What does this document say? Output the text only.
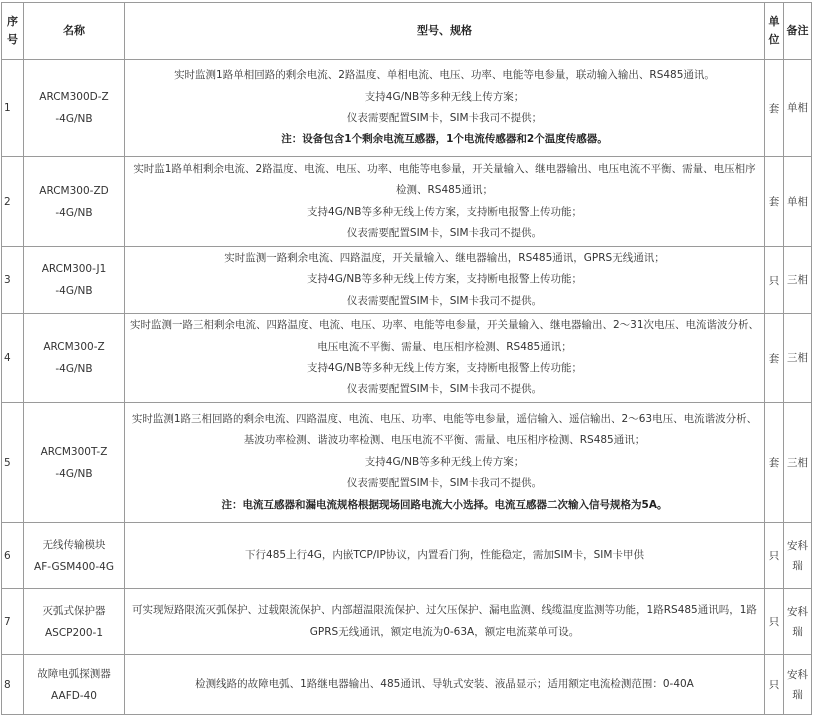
序
号	名称	型号、规格	单
位	备注
1	ARCM300D-Z
-4G/NB	实时监测1路单相回路的剩余电流、2路温度、单相电流、电压、功率、电能等电参量，联动输入输出、RS485通讯。
支持4G/NB等多种无线上传方案；
仪表需要配置SIM卡，SIM卡我司不提供；
注：设备包含1个剩余电流互感器，1个电流传感器和2个温度传感器。	套	单相

2	ARCM300-ZD
-4G/NB	实时监1路单相剩余电流、2路温度、电流、电压、功率、电能等电参量，开关量输入、继电器输出、电压电流不平衡、需量、电压相序
检测、RS485通讯；
支持4G/NB等多种无线上传方案，支持断电报警上传功能；
仪表需要配置SIM卡，SIM卡我司不提供。	套	单相

3	ARCM300-J1
-4G/NB	实时监测一路剩余电流、四路温度，开关量输入、继电器输出，RS485通讯，GPRS无线通讯；
支持4G/NB等多种无线上传方案，支持断电报警上传功能；
仪表需要配置SIM卡，SIM卡我司不提供。	只	三相

4	ARCM300-Z
-4G/NB	实时监测一路三相剩余电流、四路温度、电流、电压、功率、电能等电参量，开关量输入、继电器输出、2～31次电压、电流谐波分析、
电压电流不平衡、需量、电压相序检测、RS485通讯；
支持4G/NB等多种无线上传方案，支持断电报警上传功能；
仪表需要配置SIM卡，SIM卡我司不提供。	套	三相

5	ARCM300T-Z
-4G/NB	实时监测1路三相回路的剩余电流、四路温度、电流、电压、功率、电能等电参量，遥信输入、遥信输出、2～63电压、电流谐波分析、
基波功率检测、谐波功率检测、电压电流不平衡、需量、电压相序检测、RS485通讯；
支持4G/NB等多种无线上传方案；
仪表需要配置SIM卡，SIM卡我司不提供。
注：电流互感器和漏电流规格根据现场回路电流大小选择。电流互感器二次输入信号规格为5A。	套	三相

6	无线传输模块
AF-GSM400-4G	下行485上行4G，内嵌TCP/IP协议，内置看门狗，性能稳定，需加SIM卡，SIM卡甲供	只	安科
瑞

7	灭弧式保护器
ASCP200-1	可实现短路限流灭弧保护、过载限流保护、内部超温限流保护、过欠压保护、漏电监测、线缆温度监测等功能，1路RS485通讯吗，1路
GPRS无线通讯，额定电流为0-63A，额定电流菜单可设。	只	安科
瑞

8	故障电弧探测器
AAFD-40	检测线路的故障电弧、1路继电器输出、485通讯、导轨式安装、液晶显示；适用额定电流检测范围：0-40A	只	安科
瑞
